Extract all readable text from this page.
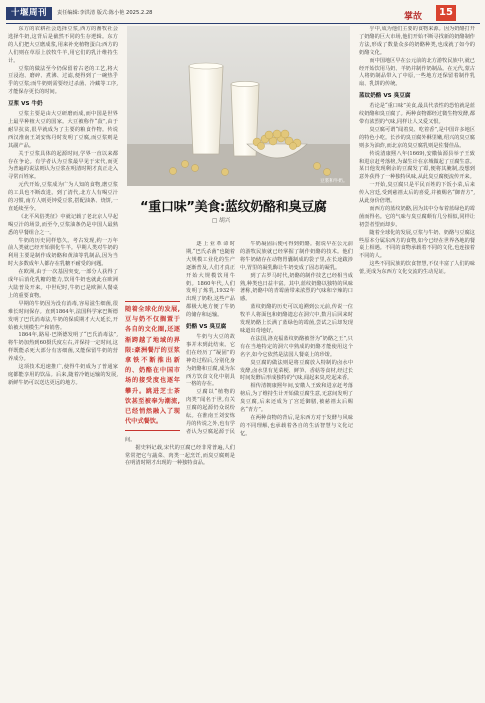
十堰周刊	责任编辑:李洪清 版式:陈小艳 2025.2.28	掌故	15

东方的农耕社会选择豆浆,西方的畜牧社会选择牛奶,这背后是截然不同的生存逻辑。东方的人们把大豆磨成浆,用来补充植物蛋白;西方的人们则在草原上放牧牛羊,用它们的乳汁维持生计。

豆浆的做法至今仍保留着古老的工艺,将大豆浸泡、磨碎、煮沸、过滤,便得到了一碗热乎乎的豆浆;而牛奶则需要经过杀菌、冷藏等工序,才能保存更长的时间。

豆浆 VS 牛奶

豆浆主要是由大豆研磨而成,而中国是世界上最早种植大豆的国家。大豆被称作“菽”,由于耐旱抗贫,很早就成为了主要的粮食作物。传说西汉淮南王刘安炼丹时发明了豆腐,而豆浆则是其副产品。

关于豆浆具体的起源时间,学界一直以来都存在争论。有学者认为豆浆最早见于宋代,而更为普遍的说法则认为豆浆在明清时期才真正走入寻常百姓家。

元代开始,豆浆成为广为人知的食物,磨豆浆的工具也不断改进。到了清代,北方人有喝豆汁的习惯,南方人则更钟爱豆浆,搭配油条、烧饼,一直延续至今。

《北平风俗类征》中就记载了老北京人早起喝豆汁的场景,而至今,豆浆油条仍是中国人最熟悉的早餐组合之一。

牛奶的历史同样悠久。考古发现,约一万年前人类就已经开始驯化牛羊。早期人类对牛奶的利用主要是制作成奶酪和黄油等乳制品,因为当时大多数成年人都存在乳糖不耐受的问题。

在欧洲,由于一次基因突变,一部分人获得了成年后消化乳糖的能力,饮用牛奶也就此在欧洲大陆普及开来。中世纪时,牛奶已是欧洲人餐桌上的重要食物。

早期的牛奶因为没有消毒,容易滋生细菌,很难长时间保存。直到1864年,法国科学家巴斯德发明了巴氏消毒法,牛奶的保质期才大大延长,开始被大规模生产和销售。

1864年,路易·巴斯德发明了“巴氏消毒法”,将牛奶加热到60摄氏度左右,并保持一定时间,这样既能杀死大部分有害细菌,又能保留牛奶的营养成分。

这项技术迅速推广,使得牛奶成为了普通家庭都能享用的饮品。后来,随着冷链运输的发展,新鲜牛奶可以送达更远的地方。

豆浆和牛奶。
“重口味”美食:蓝纹奶酪和臭豆腐
□ 胡兴
随着全球化的发展,豆与奶不仅搁置于各自的文化圈,还逐渐跨越了地域的界限:豪洲餐厅的豆浆拿铁不断推出新的、奶酪在中国市场的接受度也逐年攀升。跳进芝士茶饮甚至被奉为潮流,已经悄然融入了现代中式餐饮。

逐上业革命时期,“巴氏杀菌”也随着大规模工业化的生产逐渐普及,人们才真正开始大规模饮用牛奶。1860年代,人们发明了炼乳,1932年出现了奶粉,这些产品都极大地方便了牛奶的储存和运输。

奶酪 VS 臭豆腐

牛奶与大豆的故事并未到此结束。它们在经历了“凝固”的神奇过程后,分别化身为奶酪和豆腐,成为东西方饮食文化中别具一格的存在。

豆腐以“植物的肉类”闻名于世,有关豆腐的起源仍众说纷纭。在淮南王刘安炼丹的传说之外,也有学者认为豆腐起源于民间。

据史料记载,宋代的豆腐已经非常普遍,人们常常把它与蔬菜、肉类一起烹饪,而臭豆腐则是在明清时期才出现的一种独特食品。

牛奶凝固后便可得到奶酪。据说早在公元前的游牧民族就已经掌握了制作奶酪的技术。他们将牛奶储存在动物胃囊制成的袋子里,在长途跋涉中,胃里的凝乳酶让牛奶变成了固态的凝乳。

到了古罗马时代,奶酪的制作技艺已经相当成熟,种类也日益丰富。其中,蓝纹奶酪以独特的风味著称,奶酪中的青霉菌带来浓烈的气味和辛辣的口感。

蓝纹奶酪的历史可以追溯到公元前,传说一位牧羊人将面包和奶酪遗忘在洞穴中,数月后回来时发现奶酪上长满了蓝绿色的霉菌,尝试之后却发现味道出奇地好。

在法国,洛克福蓝纹奶酪被誉为“奶酪之王”,只有在当地特定的洞穴中熟成的奶酪才能使用这个名字,如今它依然是法国人餐桌上的珍馐。

臭豆腐的做法则是将豆腐放入特制的卤水中发酵,卤水里有苋菜梗、鲜笋、香菇等食材,经过长时间发酵后形成独特的气味,闻起来臭,吃起来香。

相传清朝康熙年间,安徽人王致和进京赶考落榜后,为了维持生计开始做豆腐生意,无意间发明了臭豆腐,后来还成为了宫廷御膳,被慈禧太后赐名“青方”。

在两种食物的背后,是东西方对于发酵与风味的不同理解,也承载着各自的生活智慧与文化记忆。

乎中,成为他们主要的食物来源。因为奶酪打开了奶酪的巨大市场,他们开始不断寻找新的奶酪制作方法,形成了数量众多的奶酪种类,也成就了如今的奶酪文化。

而中国地区早在公元前的北方游牧民族中,就已经开始饮用马奶、羊奶并制作奶制品。在元代,蒙古人将奶制品带入了中原,一些地方还保留着制作乳扇、乳饼的传统。

蓝纹奶酪 VS 臭豆腐

若论是“重口味”美食,最具代表性的恐怕就是蓝纹奶酪和臭豆腐了。两种食物都经过微生物发酵,都带有浓烈的气味,同样让人又爱又恨。

臭豆腐可谓“闻着臭、吃着香”,是中国许多地区的特色小吃。长沙的臭豆腐外酥里嫩,绍兴的臭豆腐则多为油炸,而北京的臭豆腐乳则是佐餐佳品。

传说清康熙八年(1669),安徽仙源县举子王致和进京赶考落榜,为谋生计在京城做起了豆腐生意。某日他发现剩余的豆腐发了霉,便将其腌制,没想到意外获得了一种独特风味,从此臭豆腐便流传开来。

一开始,臭豆腐只是平民百姓的下饭小菜,后来传入宫廷,受到慈禧太后的喜爱,并被赐名“御青方”,从此身价倍增。

而西方的蓝纹奶酪,因为其中分布着蓝绿色的霉菌而得名。它的气味与臭豆腐颇有几分相似,同样让初尝者望而却步。

随着全球化的发展,豆浆与牛奶、奶酪与豆腐这些原本分属东西方的食物,如今已经在世界各地的餐桌上相遇。不同的食物承载着不同的文化,也连接着不同的人。

这些不同民族的饮食智慧,不仅丰富了人们的味蕾,更成为东西方文化交流的生动见证。
